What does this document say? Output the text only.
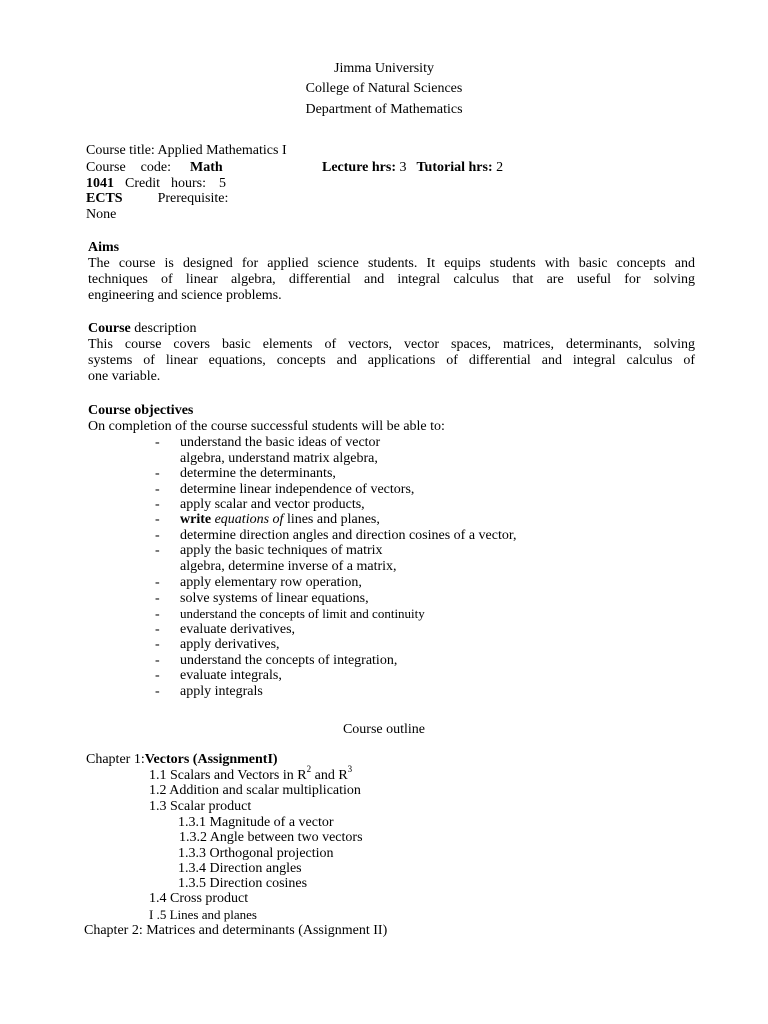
Jimma University
College of Natural Sciences
Department of Mathematics
Course title: Applied Mathematics I
Course code: Math	Lecture hrs: 3 Tutorial hrs: 2
1041 Credit hours: 5
ECTS	Prerequisite:
None
Aims
The course is designed for applied science students. It equips students with basic concepts and
techniques of linear algebra, differential and integral calculus that are useful for solving
engineering and science problems.
Course description
This course covers basic elements of vectors, vector spaces, matrices, determinants, solving
systems of linear equations, concepts and applications of differential and integral calculus of
one variable.
Course objectives
On completion of the course successful students will be able to:
- understand the basic ideas of vector
algebra, understand matrix algebra,
- determine the determinants,
- determine linear independence of vectors,
- apply scalar and vector products,
- write equations of lines and planes,
- determine direction angles and direction cosines of a vector,
- apply the basic techniques of matrix
algebra, determine inverse of a matrix,
- apply elementary row operation,
- solve systems of linear equations,
- understand the concepts of limit and continuity
- evaluate derivatives,
- apply derivatives,
- understand the concepts of integration,
- evaluate integrals,
- apply integrals
Course outline
Chapter 1:Vectors (AssignmentI)
1.1 Scalars and Vectors in $R^2$ and $R^3$
1.2 Addition and scalar multiplication
1.3 Scalar product
1.3.1 Magnitude of a vector
1.3.2 Angle between two vectors
1.3.3 Orthogonal projection
1.3.4 Direction angles
1.3.5 Direction cosines
1.4 Cross product
I .5 Lines and planes
Chapter 2: Matrices and determinants (Assignment II)
